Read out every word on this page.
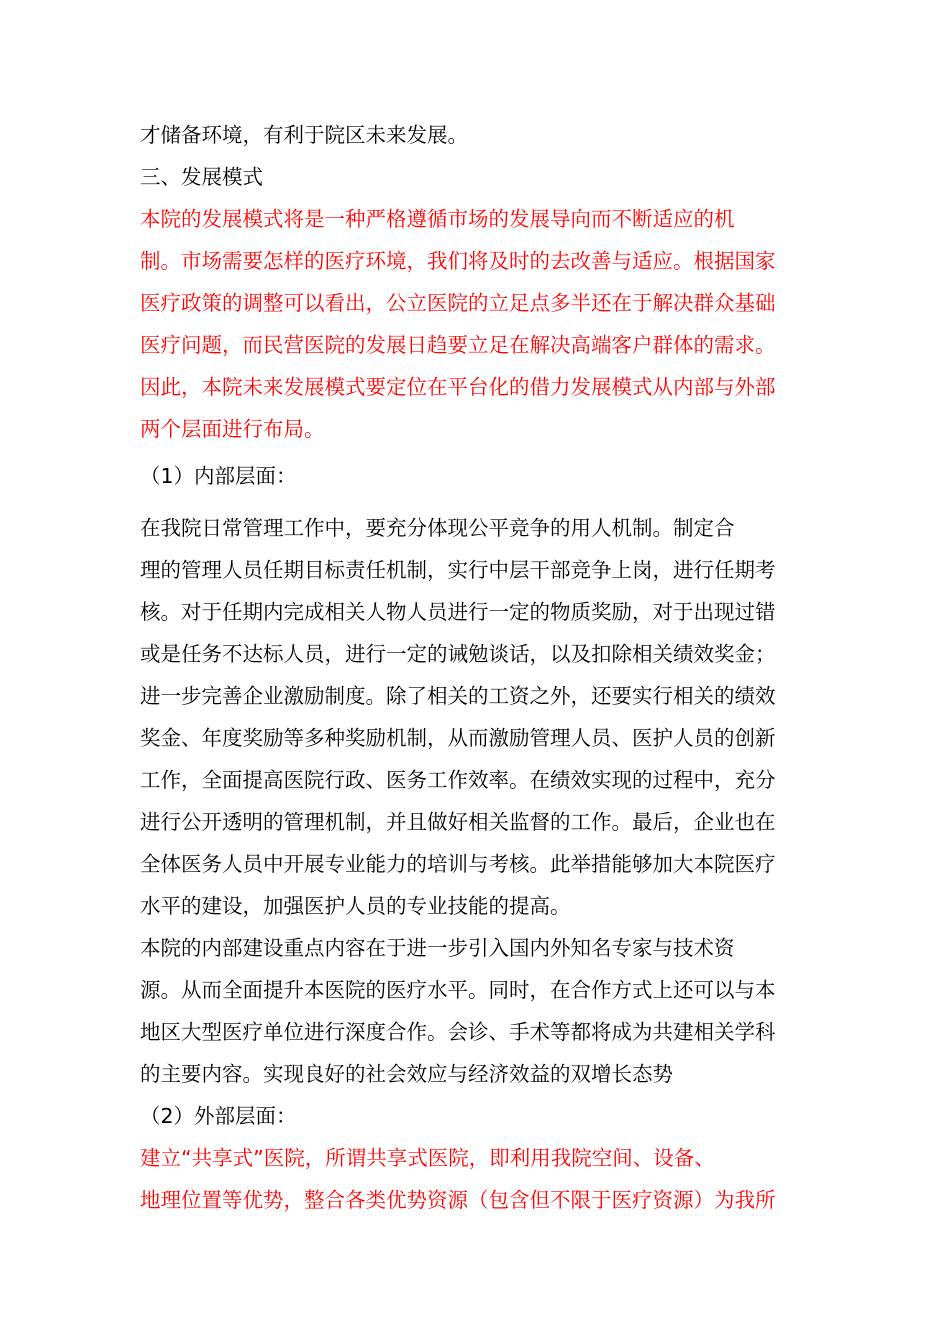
才储备环境，有利于院区未来发展。
三、发展模式
本院的发展模式将是一种严格遵循市场的发展导向而不断适应的机
制。市场需要怎样的医疗环境，我们将及时的去改善与适应。根据国家
医疗政策的调整可以看出，公立医院的立足点多半还在于解决群众基础
医疗问题，而民营医院的发展日趋要立足在解决高端客户群体的需求。
因此，本院未来发展模式要定位在平台化的借力发展模式从内部与外部
两个层面进行布局。
（1）内部层面：
在我院日常管理工作中，要充分体现公平竞争的用人机制。制定合
理的管理人员任期目标责任机制，实行中层干部竞争上岗，进行任期考
核。对于任期内完成相关人物人员进行一定的物质奖励，对于出现过错
或是任务不达标人员，进行一定的诫勉谈话，以及扣除相关绩效奖金；
进一步完善企业激励制度。除了相关的工资之外，还要实行相关的绩效
奖金、年度奖励等多种奖励机制，从而激励管理人员、医护人员的创新
工作，全面提高医院行政、医务工作效率。在绩效实现的过程中，充分
进行公开透明的管理机制，并且做好相关监督的工作。最后，企业也在
全体医务人员中开展专业能力的培训与考核。此举措能够加大本院医疗
水平的建设，加强医护人员的专业技能的提高。
本院的内部建设重点内容在于进一步引入国内外知名专家与技术资
源。从而全面提升本医院的医疗水平。同时，在合作方式上还可以与本
地区大型医疗单位进行深度合作。会诊、手术等都将成为共建相关学科
的主要内容。实现良好的社会效应与经济效益的双增长态势
（2）外部层面：
建立“共享式”医院，所谓共享式医院，即利用我院空间、设备、
地理位置等优势，整合各类优势资源（包含但不限于医疗资源）为我所
